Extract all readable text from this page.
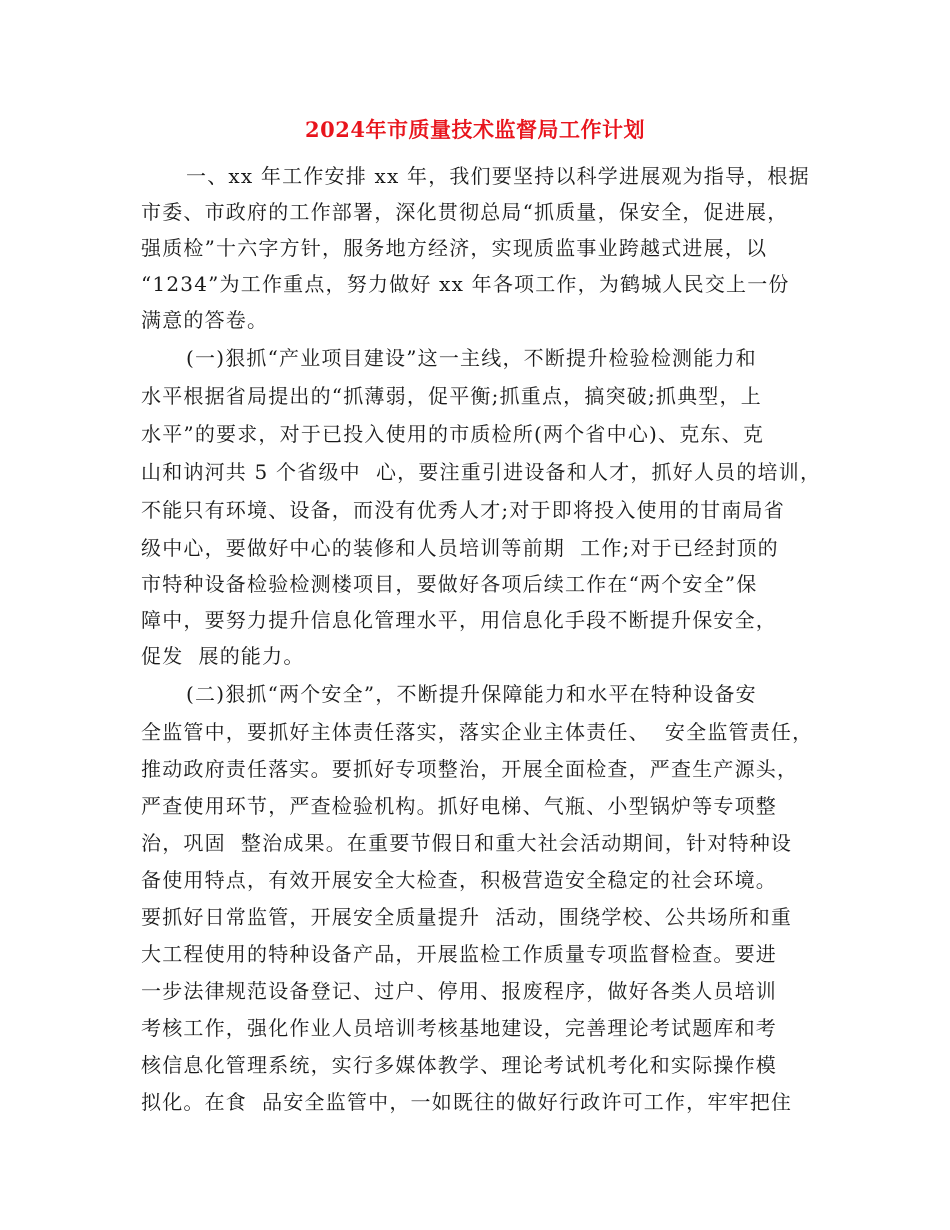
2024年市质量技术监督局工作计划
一、xx 年工作安排 xx 年，我们要坚持以科学进展观为指导，根据
市委、市政府的工作部署，深化贯彻总局“抓质量，保安全，促进展，
强质检”十六字方针，服务地方经济，实现质监事业跨越式进展，以
“1234”为工作重点，努力做好 xx 年各项工作，为鹤城人民交上一份
满意的答卷。
(一)狠抓“产业项目建设”这一主线，不断提升检验检测能力和
水平根据省局提出的“抓薄弱，促平衡;抓重点，搞突破;抓典型，上
水平”的要求，对于已投入使用的市质检所(两个省中心)、克东、克
山和讷河共 5 个省级中  心，要注重引进设备和人才，抓好人员的培训，
不能只有环境、设备，而没有优秀人才;对于即将投入使用的甘南局省
级中心，要做好中心的装修和人员培训等前期  工作;对于已经封顶的
市特种设备检验检测楼项目，要做好各项后续工作在“两个安全”保
障中，要努力提升信息化管理水平，用信息化手段不断提升保安全，
促发  展的能力。
(二)狠抓“两个安全”，不断提升保障能力和水平在特种设备安
全监管中，要抓好主体责任落实，落实企业主体责任、  安全监管责任，
推动政府责任落实。要抓好专项整治，开展全面检查，严查生产源头，
严查使用环节，严查检验机构。抓好电梯、气瓶、小型锅炉等专项整
治，巩固  整治成果。在重要节假日和重大社会活动期间，针对特种设
备使用特点，有效开展安全大检查，积极营造安全稳定的社会环境。
要抓好日常监管，开展安全质量提升  活动，围绕学校、公共场所和重
大工程使用的特种设备产品，开展监检工作质量专项监督检查。要进
一步法律规范设备登记、过户、停用、报废程序，做好各类人员培训
考核工作，强化作业人员培训考核基地建设，完善理论考试题库和考
核信息化管理系统，实行多媒体教学、理论考试机考化和实际操作模
拟化。在食  品安全监管中，一如既往的做好行政许可工作，牢牢把住
